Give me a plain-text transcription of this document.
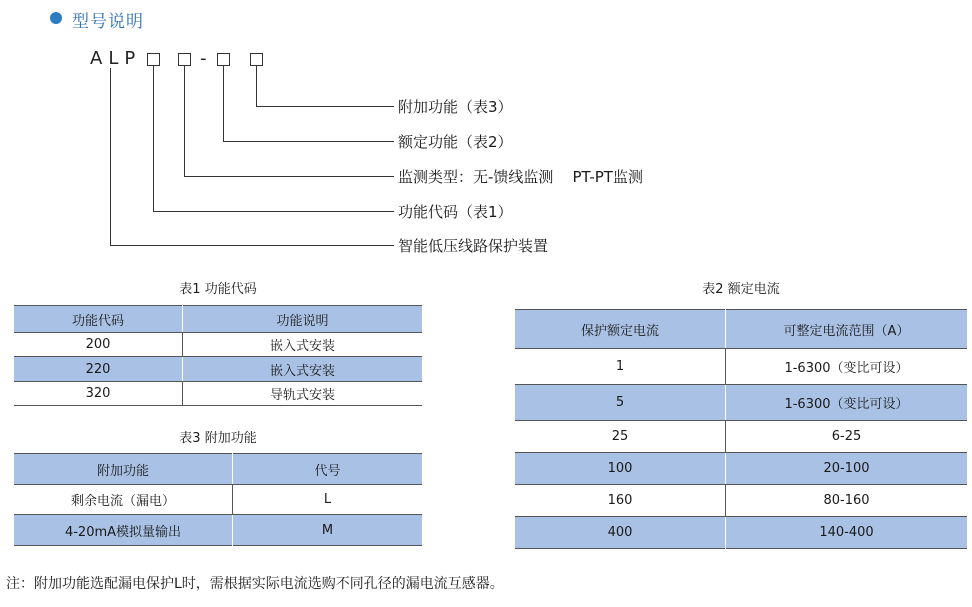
型号说明
ALP	-
附加功能（表3）
额定功能（表2）
监测类型：无-馈线监测    PT-PT监测
功能代码（表1）
智能低压线路保护装置
表1 功能代码
功能代码	功能说明
200	嵌入式安装
220	嵌入式安装
320	导轨式安装
表3 附加功能
附加功能	代号
剩余电流（漏电）	L
4-20mA模拟量输出	M
表2 额定电流
保护额定电流	可整定电流范围（A）
1	1-6300（变比可设）
5	1-6300（变比可设）
25	6-25
100	20-100
160	80-160
400	140-400
注：附加功能选配漏电保护L时，需根据实际电流选购不同孔径的漏电流互感器。
